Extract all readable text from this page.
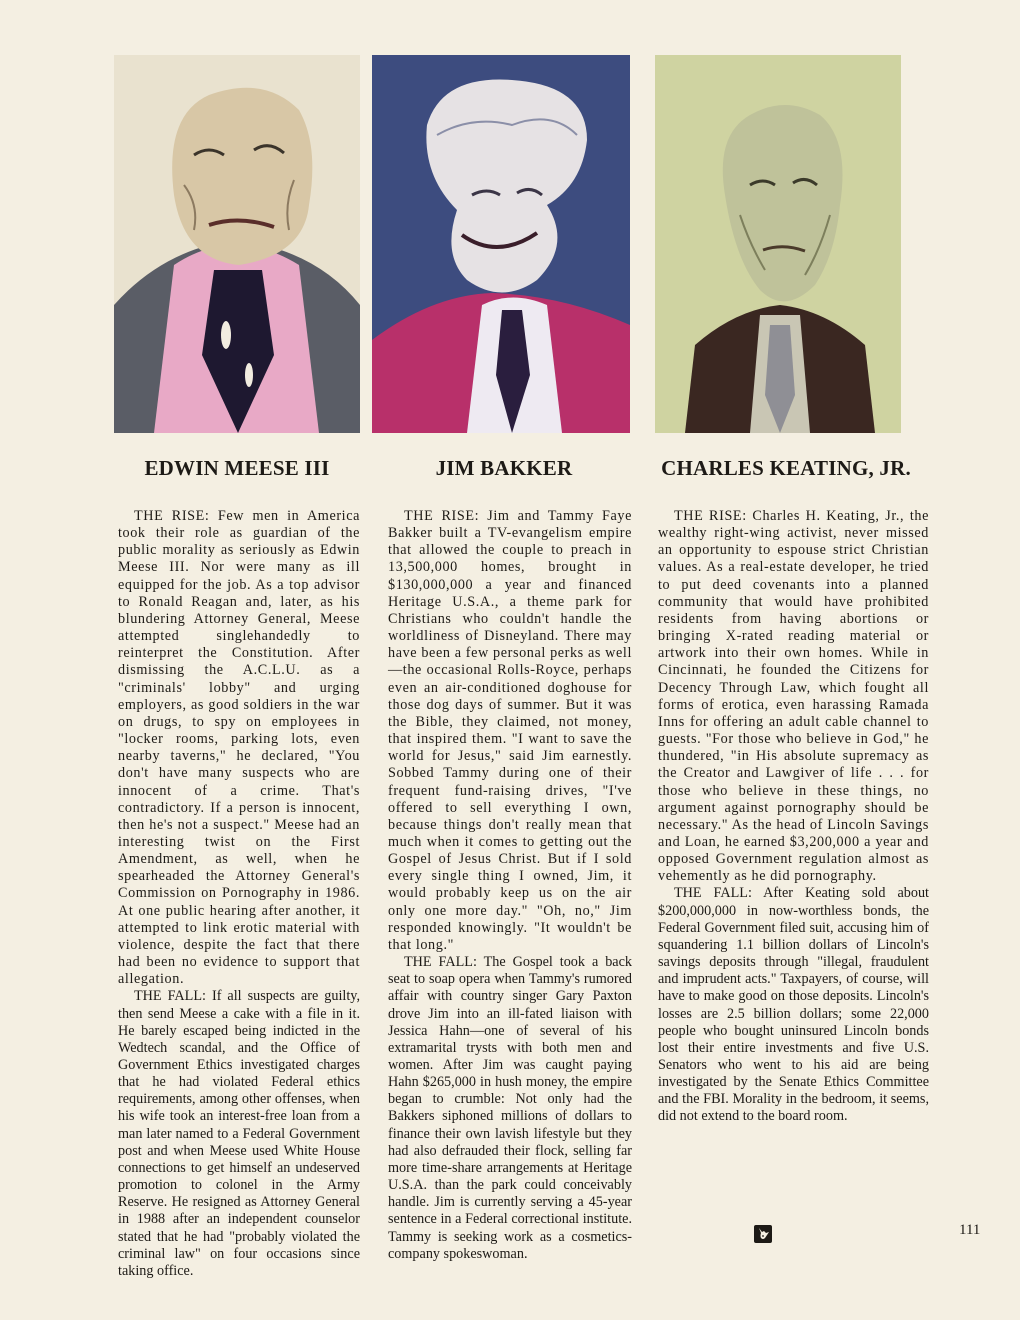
EDWIN MEESE III	JIM BAKKER	CHARLES KEATING, JR.

THE RISE: Few men in America took their role as guardian of the public morality as seriously as Edwin Meese III. Nor were many as ill equipped for the job. As a top advisor to Ronald Reagan and, later, as his blundering Attorney General, Meese attempted singlehandedly to reinterpret the Constitution. After dismissing the A.C.L.U. as a "criminals' lobby" and urging employers, as good soldiers in the war on drugs, to spy on employees in "locker rooms, parking lots, even nearby taverns," he declared, "You don't have many suspects who are innocent of a crime. That's contradictory. If a person is innocent, then he's not a suspect." Meese had an interesting twist on the First Amendment, as well, when he spearheaded the Attorney General's Commission on Pornography in 1986. At one public hearing after another, it attempted to link erotic material with violence, despite the fact that there had been no evidence to support that allegation.

THE FALL: If all suspects are guilty, then send Meese a cake with a file in it. He barely escaped being indicted in the Wedtech scandal, and the Office of Government Ethics investigated charges that he had violated Federal ethics requirements, among other offenses, when his wife took an interest-free loan from a man later named to a Federal Government post and when Meese used White House connections to get himself an undeserved promotion to colonel in the Army Reserve. He resigned as Attorney General in 1988 after an independent counselor stated that he had "probably violated the criminal law" on four occasions since taking office.

THE RISE: Jim and Tammy Faye Bakker built a TV-evangelism empire that allowed the couple to preach in 13,500,000 homes, brought in $130,000,000 a year and financed Heritage U.S.A., a theme park for Christians who couldn't handle the worldliness of Disneyland. There may have been a few personal perks as well—the occasional Rolls-Royce, perhaps even an air-conditioned doghouse for those dog days of summer. But it was the Bible, they claimed, not money, that inspired them. "I want to save the world for Jesus," said Jim earnestly. Sobbed Tammy during one of their frequent fund-raising drives, "I've offered to sell everything I own, because things don't really mean that much when it comes to getting out the Gospel of Jesus Christ. But if I sold every single thing I owned, Jim, it would probably keep us on the air only one more day." "Oh, no," Jim responded knowingly. "It wouldn't be that long."

THE FALL: The Gospel took a back seat to soap opera when Tammy's rumored affair with country singer Gary Paxton drove Jim into an ill-fated liaison with Jessica Hahn—one of several of his extramarital trysts with both men and women. After Jim was caught paying Hahn $265,000 in hush money, the empire began to crumble: Not only had the Bakkers siphoned millions of dollars to finance their own lavish lifestyle but they had also defrauded their flock, selling far more time-share arrangements at Heritage U.S.A. than the park could conceivably handle. Jim is currently serving a 45-year sentence in a Federal correctional institute. Tammy is seeking work as a cosmetics-company spokeswoman.

THE RISE: Charles H. Keating, Jr., the wealthy right-wing activist, never missed an opportunity to espouse strict Christian values. As a real-estate developer, he tried to put deed covenants into a planned community that would have prohibited residents from having abortions or bringing X-rated reading material or artwork into their own homes. While in Cincinnati, he founded the Citizens for Decency Through Law, which fought all forms of erotica, even harassing Ramada Inns for offering an adult cable channel to guests. "For those who believe in God," he thundered, "in His absolute supremacy as the Creator and Lawgiver of life . . . for those who believe in these things, no argument against pornography should be necessary." As the head of Lincoln Savings and Loan, he earned $3,200,000 a year and opposed Government regulation almost as vehemently as he did pornography.

THE FALL: After Keating sold about $200,000,000 in now-worthless bonds, the Federal Government filed suit, accusing him of squandering 1.1 billion dollars of Lincoln's savings deposits through "illegal, fraudulent and imprudent acts." Taxpayers, of course, will have to make good on those deposits. Lincoln's losses are 2.5 billion dollars; some 22,000 people who bought uninsured Lincoln bonds lost their entire investments and five U.S. Senators who went to his aid are being investigated by the Senate Ethics Committee and the FBI. Morality in the bedroom, it seems, did not extend to the board room.

111
